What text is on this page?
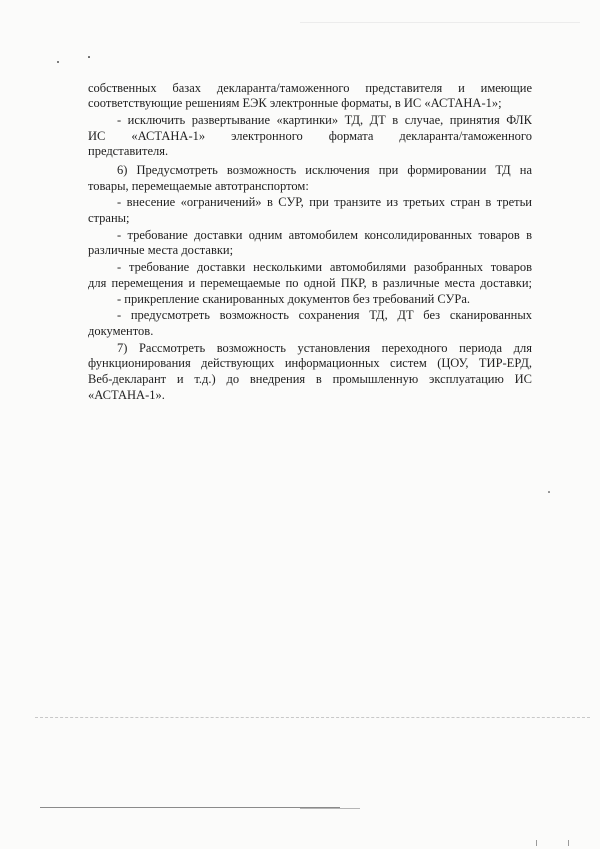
собственных базах декларанта/таможенного представителя и имеющие
соответствующие решениям ЕЭК электронные форматы, в ИС «АСТАНА-1»;
- исключить развертывание «картинки» ТД, ДТ в случае, принятия ФЛК
ИС «АСТАНА-1» электронного формата декларанта/таможенного
представителя.
6) Предусмотреть возможность исключения при формировании ТД на
товары, перемещаемые автотранспортом:
- внесение «ограничений» в СУР, при транзите из третьих стран в третьи
страны;
- требование доставки одним автомобилем консолидированных товаров в
различные места доставки;
- требование доставки несколькими автомобилями разобранных товаров
для перемещения и перемещаемые по одной ПКР, в различные места доставки;
- прикрепление сканированных документов без требований СУРа.
- предусмотреть возможность сохранения ТД, ДТ без сканированных
документов.
7) Рассмотреть возможность установления переходного периода для
функционирования действующих информационных систем (ЦОУ, ТИР-ЕРД,
Веб-декларант и т.д.) до внедрения в промышленную эксплуатацию ИС
«АСТАНА-1».
